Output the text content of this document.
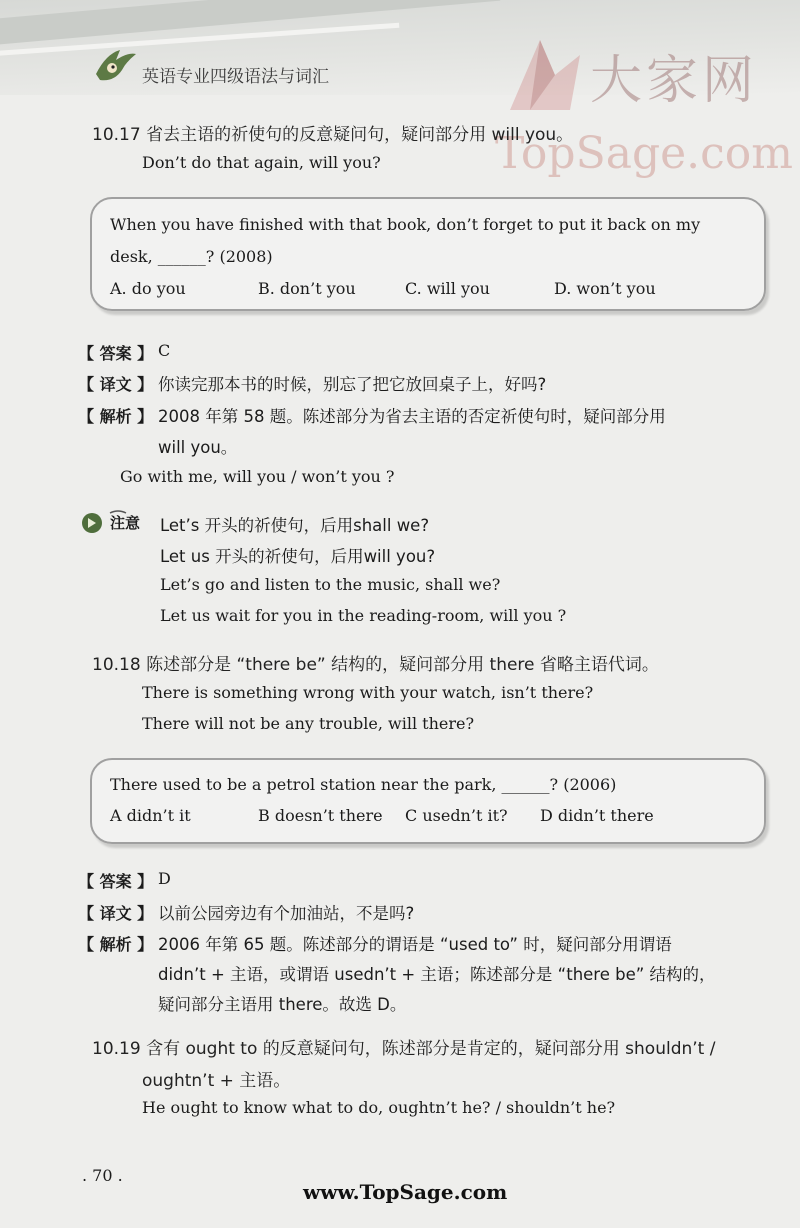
英语专业四级语法与词汇	大家网
TopSage.com
10.17 省去主语的祈使句的反意疑问句，疑问部分用 will you。
Don’t do that again, will you?
When you have finished with that book, don’t forget to put it back on my
desk, ______? (2008)
A. do you	B. don’t you	C. will you	D. won’t you
【 答案 】 C
【 译文 】 你读完那本书的时候，别忘了把它放回桌子上，好吗?
【 解析 】 2008 年第 58 题。陈述部分为省去主语的否定祈使句时，疑问部分用
will you。
Go with me, will you / won’t you ?
注意 Let’s 开头的祈使句，后用shall we?
Let us 开头的祈使句，后用will you?
Let’s go and listen to the music, shall we?
Let us wait for you in the reading-room, will you ?
10.18 陈述部分是 “there be” 结构的，疑问部分用 there 省略主语代词。
There is something wrong with your watch, isn’t there?
There will not be any trouble, will there?
There used to be a petrol station near the park, ______? (2006)
A didn’t it	B doesn’t there C usedn’t it? D didn’t there
【 答案 】 D
【 译文 】 以前公园旁边有个加油站，不是吗?
【 解析 】 2006 年第 65 题。陈述部分的谓语是 “used to” 时，疑问部分用谓语
didn’t + 主语，或谓语 usedn’t + 主语；陈述部分是 “there be” 结构的，
疑问部分主语用 there。故选 D。
10.19 含有 ought to 的反意疑问句，陈述部分是肯定的，疑问部分用 shouldn’t /
oughtn’t + 主语。
He ought to know what to do, oughtn’t he? / shouldn’t he?
. 70 .
www.TopSage.com
